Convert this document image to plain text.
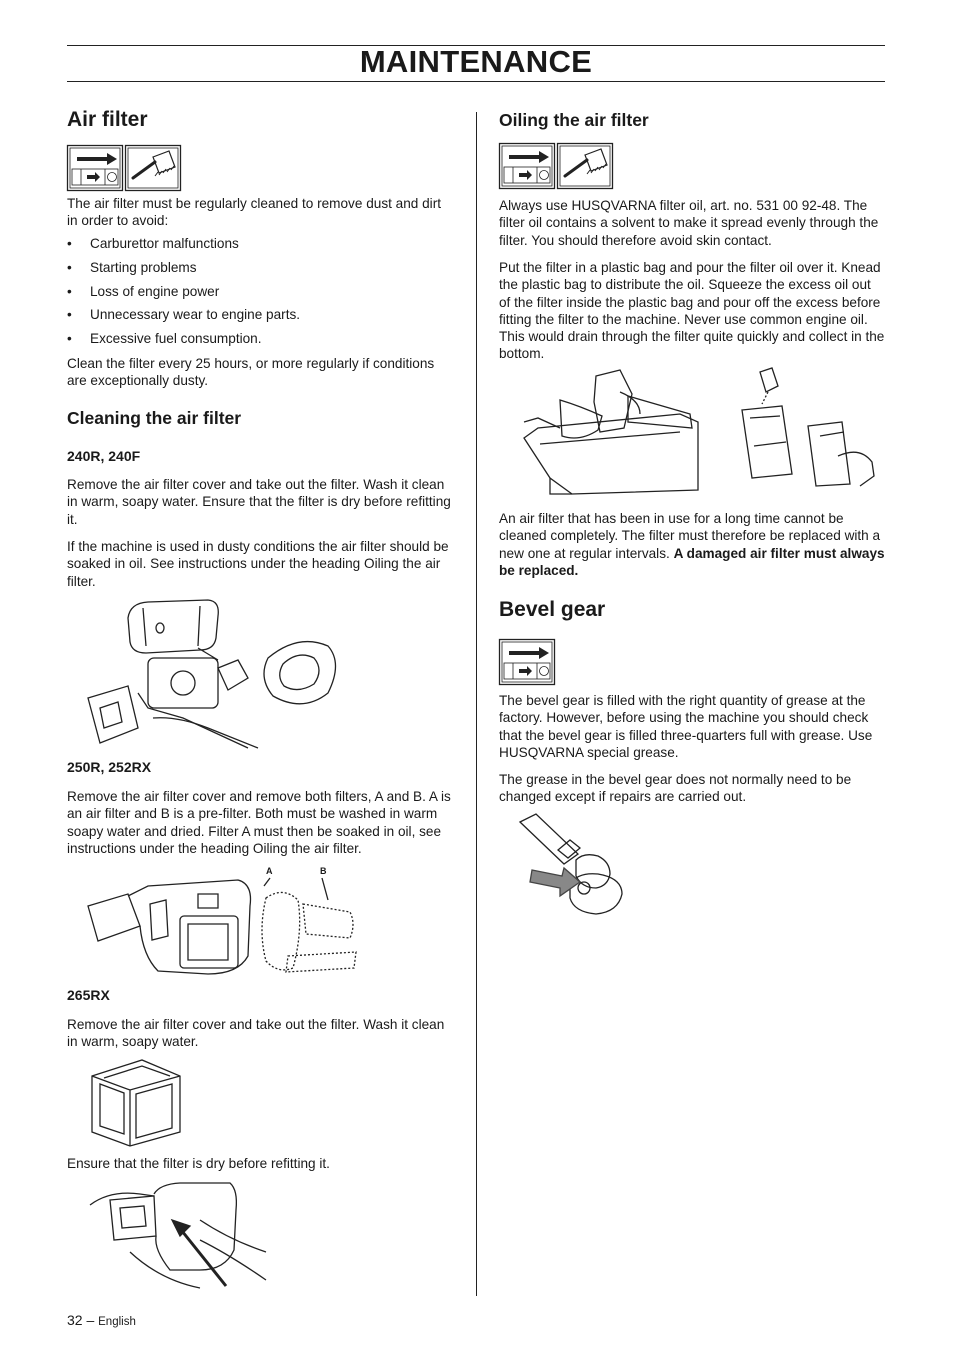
MAINTENANCE
Air filter
The air filter must be regularly cleaned to remove dust and dirt in order to avoid:
• Carburettor malfunctions
• Starting problems
• Loss of engine power
• Unnecessary wear to engine parts.
• Excessive fuel consumption.
Clean the filter every 25 hours, or more regularly if conditions are exceptionally dusty.
Cleaning the air filter
240R, 240F
Remove the air filter cover and take out the filter. Wash it clean in warm, soapy water. Ensure that the filter is dry before refitting it.
If the machine is used in dusty conditions the air filter should be soaked in oil. See instructions under the heading Oiling the air filter.
250R, 252RX
Remove the air filter cover and remove both filters, A and B. A is an air filter and B is a pre-filter. Both must be washed in warm soapy water and dried. Filter A must then be soaked in oil, see instructions under the heading Oiling the air filter.
A	B
265RX
Remove the air filter cover and take out the filter. Wash it clean in warm, soapy water.
Ensure that the filter is dry before refitting it.
Oiling the air filter
Always use HUSQVARNA filter oil, art. no. 531 00 92-48. The filter oil contains a solvent to make it spread evenly through the filter. You should therefore avoid skin contact.
Put the filter in a plastic bag and pour the filter oil over it. Knead the plastic bag to distribute the oil. Squeeze the excess oil out of the filter inside the plastic bag and pour off the excess before fitting the filter to the machine. Never use common engine oil. This would drain through the filter quite quickly and collect in the bottom.
An air filter that has been in use for a long time cannot be cleaned completely. The filter must therefore be replaced with a new one at regular intervals. A damaged air filter must always be replaced.
Bevel gear
The bevel gear is filled with the right quantity of grease at the factory. However, before using the machine you should check that the bevel gear is filled three-quarters full with grease. Use HUSQVARNA special grease.
The grease in the bevel gear does not normally need to be changed except if repairs are carried out.
32 – English
